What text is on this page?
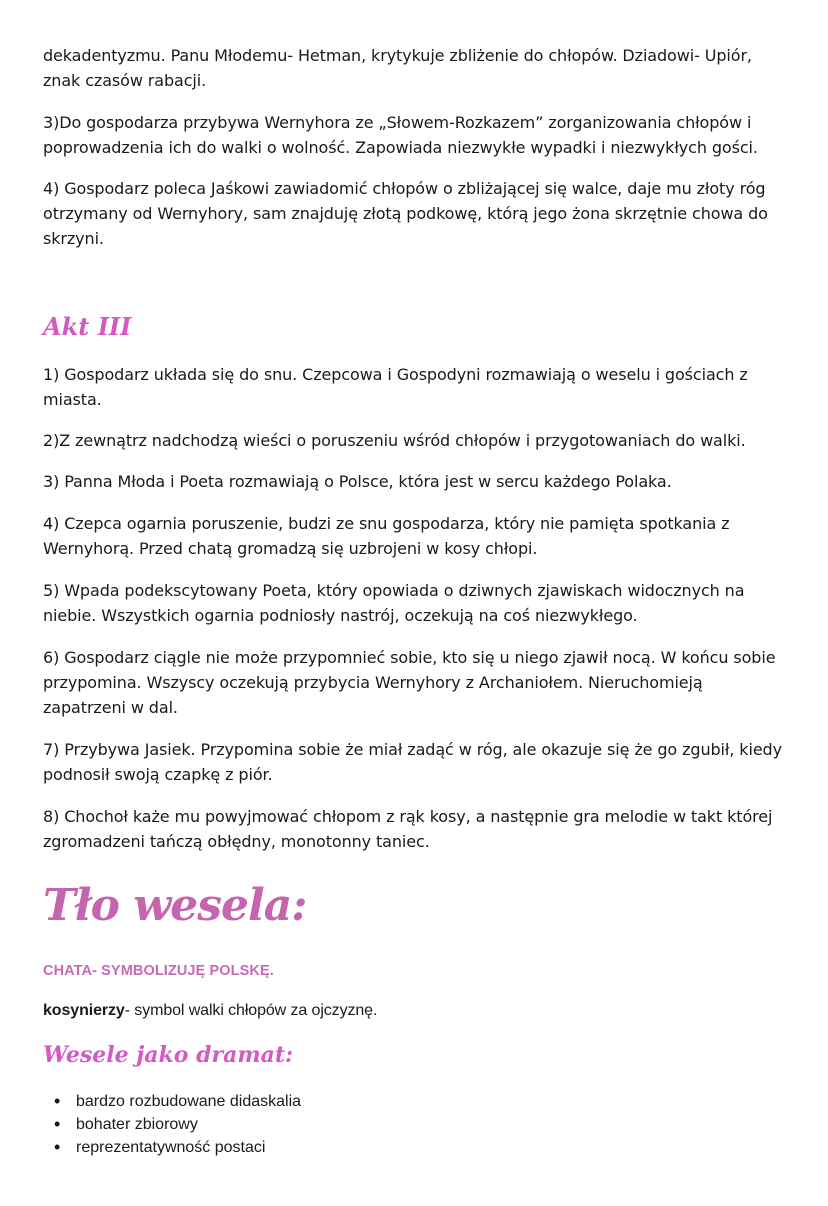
dekadentyzmu. Panu Młodemu- Hetman, krytykuje zbliżenie do chłopów. Dziadowi- Upiór, znak czasów rabacji.

3)Do gospodarza przybywa Wernyhora ze „Słowem-Rozkazem” zorganizowania chłopów i poprowadzenia ich do walki o wolność. Zapowiada niezwykłe wypadki i niezwykłych gości.

4) Gospodarz poleca Jaśkowi zawiadomić chłopów o zbliżającej się walce, daje mu złoty róg otrzymany od Wernyhory, sam znajduję złotą podkowę, którą jego żona skrzętnie chowa do skrzyni.

Akt III

1) Gospodarz układa się do snu. Czepcowa i Gospodyni rozmawiają o weselu i gościach z miasta.

2)Z zewnątrz nadchodzą wieści o poruszeniu wśród chłopów i przygotowaniach do walki.

3) Panna Młoda i Poeta rozmawiają o Polsce, która jest w sercu każdego Polaka.

4) Czepca ogarnia poruszenie, budzi ze snu gospodarza, który nie pamięta spotkania z Wernyhorą. Przed chatą gromadzą się uzbrojeni w kosy chłopi.

5) Wpada podekscytowany Poeta, który opowiada o dziwnych zjawiskach widocznych na niebie. Wszystkich ogarnia podniosły nastrój, oczekują na coś niezwykłego.

6) Gospodarz ciągle nie może przypomnieć sobie, kto się u niego zjawił nocą. W końcu sobie przypomina. Wszyscy oczekują przybycia Wernyhory z Archaniołem. Nieruchomieją zapatrzeni w dal.

7) Przybywa Jasiek. Przypomina sobie że miał zadąć w róg, ale okazuje się że go zgubił, kiedy podnosił swoją czapkę z piór.

8) Chochoł każe mu powyjmować chłopom z rąk kosy, a następnie gra melodie w takt której zgromadzeni tańczą obłędny, monotonny taniec.

Tło wesela:

CHATA- SYMBOLIZUJĘ POLSKĘ.

kosynierzy- symbol walki chłopów za ojczyznę.

Wesele jako dramat:
• bardzo rozbudowane didaskalia
• bohater zbiorowy
• reprezentatywność postaci
